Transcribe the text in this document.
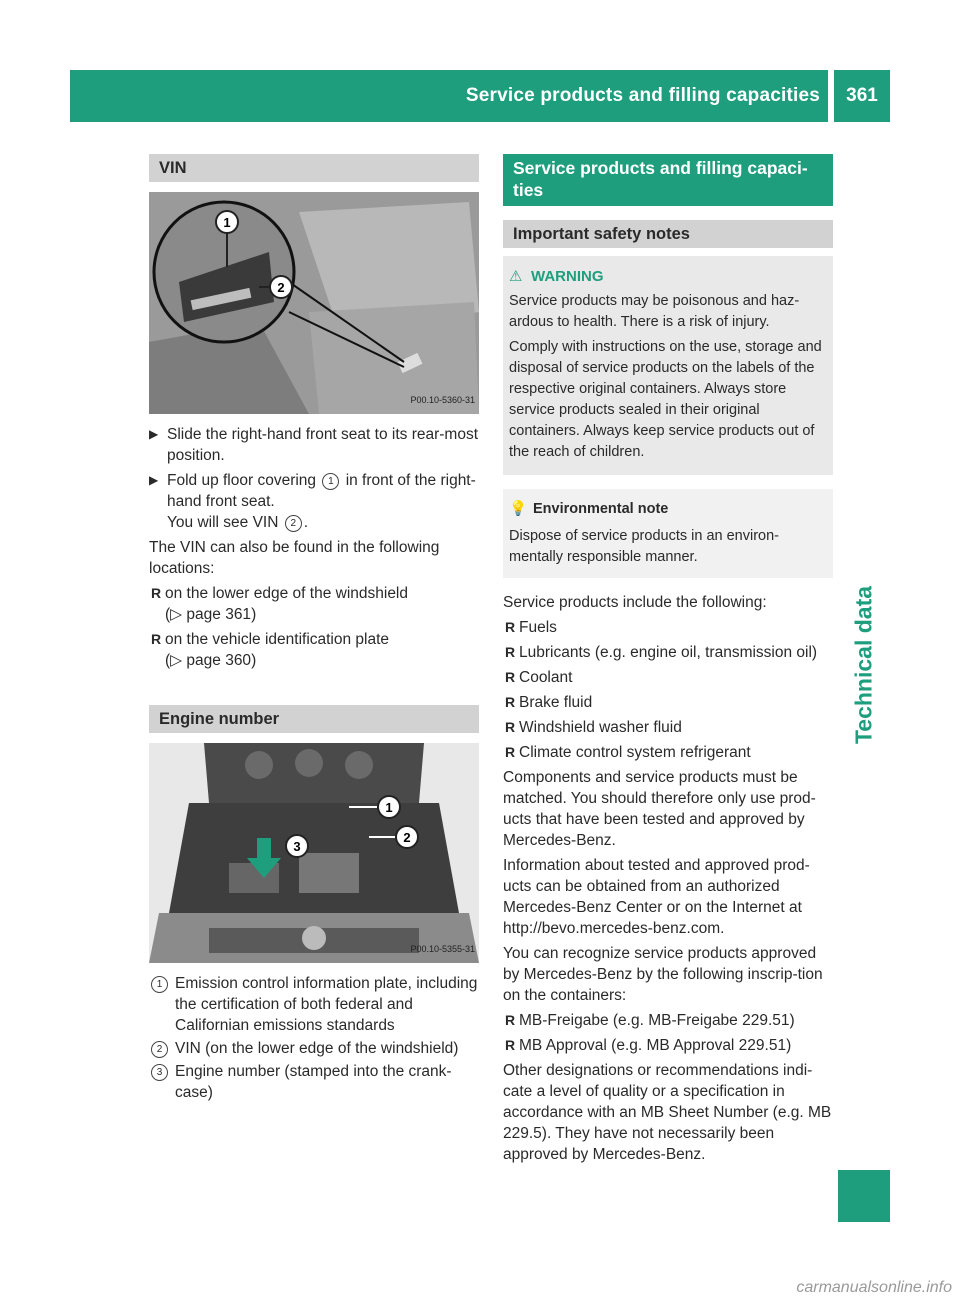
Service products and filling capacities	361
Technical data
VIN
1
2
P00.10-5360-31
▶ Slide the right-hand front seat to its rear-most position.
▶ Fold up floor covering 1 in front of the right-hand front seat.
You will see VIN 2 .

The VIN can also be found in the following locations:

R on the lower edge of the windshield
(▷ page 361)
R on the vehicle identification plate
(▷ page 360)
Engine number
1
2
3
P00.10-5355-31
1 Emission control information plate, including the certification of both federal and Californian emissions standards
2 VIN (on the lower edge of the windshield)
3 Engine number (stamped into the crank-case)
Service products and filling capaci-ties
Important safety notes
⚠ WARNING

Service products may be poisonous and haz-ardous to health. There is a risk of injury.

Comply with instructions on the use, storage and disposal of service products on the labels of the respective original containers. Always store service products sealed in their original containers. Always keep service products out of the reach of children.

💡 Environmental note

Dispose of service products in an environ-mentally responsible manner.

Service products include the following:

R Fuels
R Lubricants (e.g. engine oil, transmission oil)
R Coolant
R Brake fluid
R Windshield washer fluid
R Climate control system refrigerant

Components and service products must be matched. You should therefore only use prod-ucts that have been tested and approved by Mercedes-Benz.

Information about tested and approved prod-ucts can be obtained from an authorized Mercedes-Benz Center or on the Internet at http://bevo.mercedes-benz.com.

You can recognize service products approved by Mercedes-Benz by the following inscrip-tion on the containers:

R MB-Freigabe (e.g. MB-Freigabe 229.51)
R MB Approval (e.g. MB Approval 229.51)

Other designations or recommendations indi-cate a level of quality or a specification in accordance with an MB Sheet Number (e.g. MB 229.5). They have not necessarily been approved by Mercedes-Benz.

carmanualsonline.info
